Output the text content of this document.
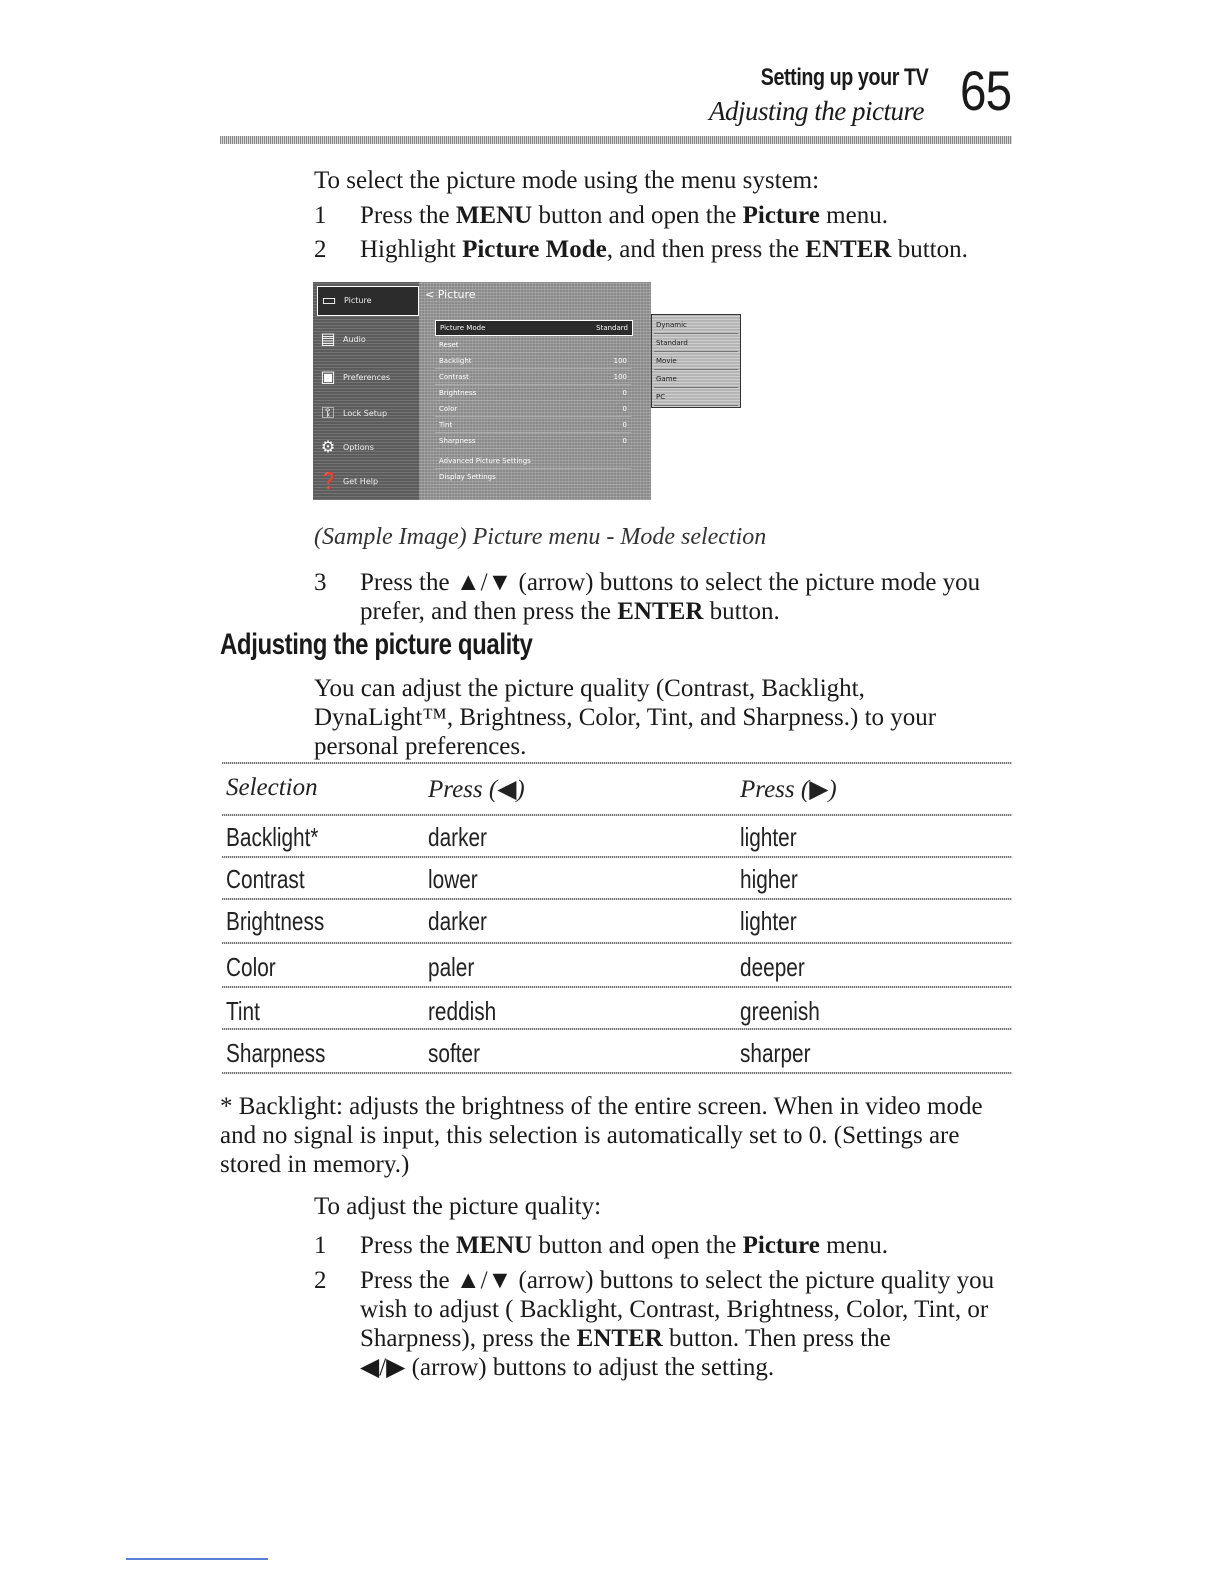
Setting up your TV
Adjusting the picture 65
To select the picture mode using the menu system:
1	Press the MENU button and open the Picture menu.
2	Highlight Picture Mode, and then press the ENTER button.
▭ Picture
▤ Audio
▣ Preferences
⚿	Lock Setup
⚙ Options
❓ Get Help
< Picture
Picture Mode	Standard
Reset
Backlight	100
Contrast	100
Brightness	0
Color	0
Tint	0
Sharpness	0
Advanced Picture Settings
Display Settings
Dynamic
Standard
Movie
Game
PC
(Sample Image) Picture menu - Mode selection
3	Press the ▲/▼ (arrow) buttons to select the picture mode you
prefer, and then press the ENTER button.
Adjusting the picture quality
You can adjust the picture quality (Contrast, Backlight,
DynaLight™, Brightness, Color, Tint, and Sharpness.) to your
personal preferences.
Selection	Press (◀)	Press (▶)
Backlight*	darker	lighter
Contrast	lower	higher
Brightness	darker	lighter
Color	paler	deeper
Tint	reddish	greenish
Sharpness	softer	sharper
* Backlight: adjusts the brightness of the entire screen. When in video mode
and no signal is input, this selection is automatically set to 0. (Settings are
stored in memory.)
To adjust the picture quality:
1	Press the MENU button and open the Picture menu.
2	Press the ▲/▼ (arrow) buttons to select the picture quality you
wish to adjust ( Backlight, Contrast, Brightness, Color, Tint, or
Sharpness), press the ENTER button. Then press the
◀/▶ (arrow) buttons to adjust the setting.
